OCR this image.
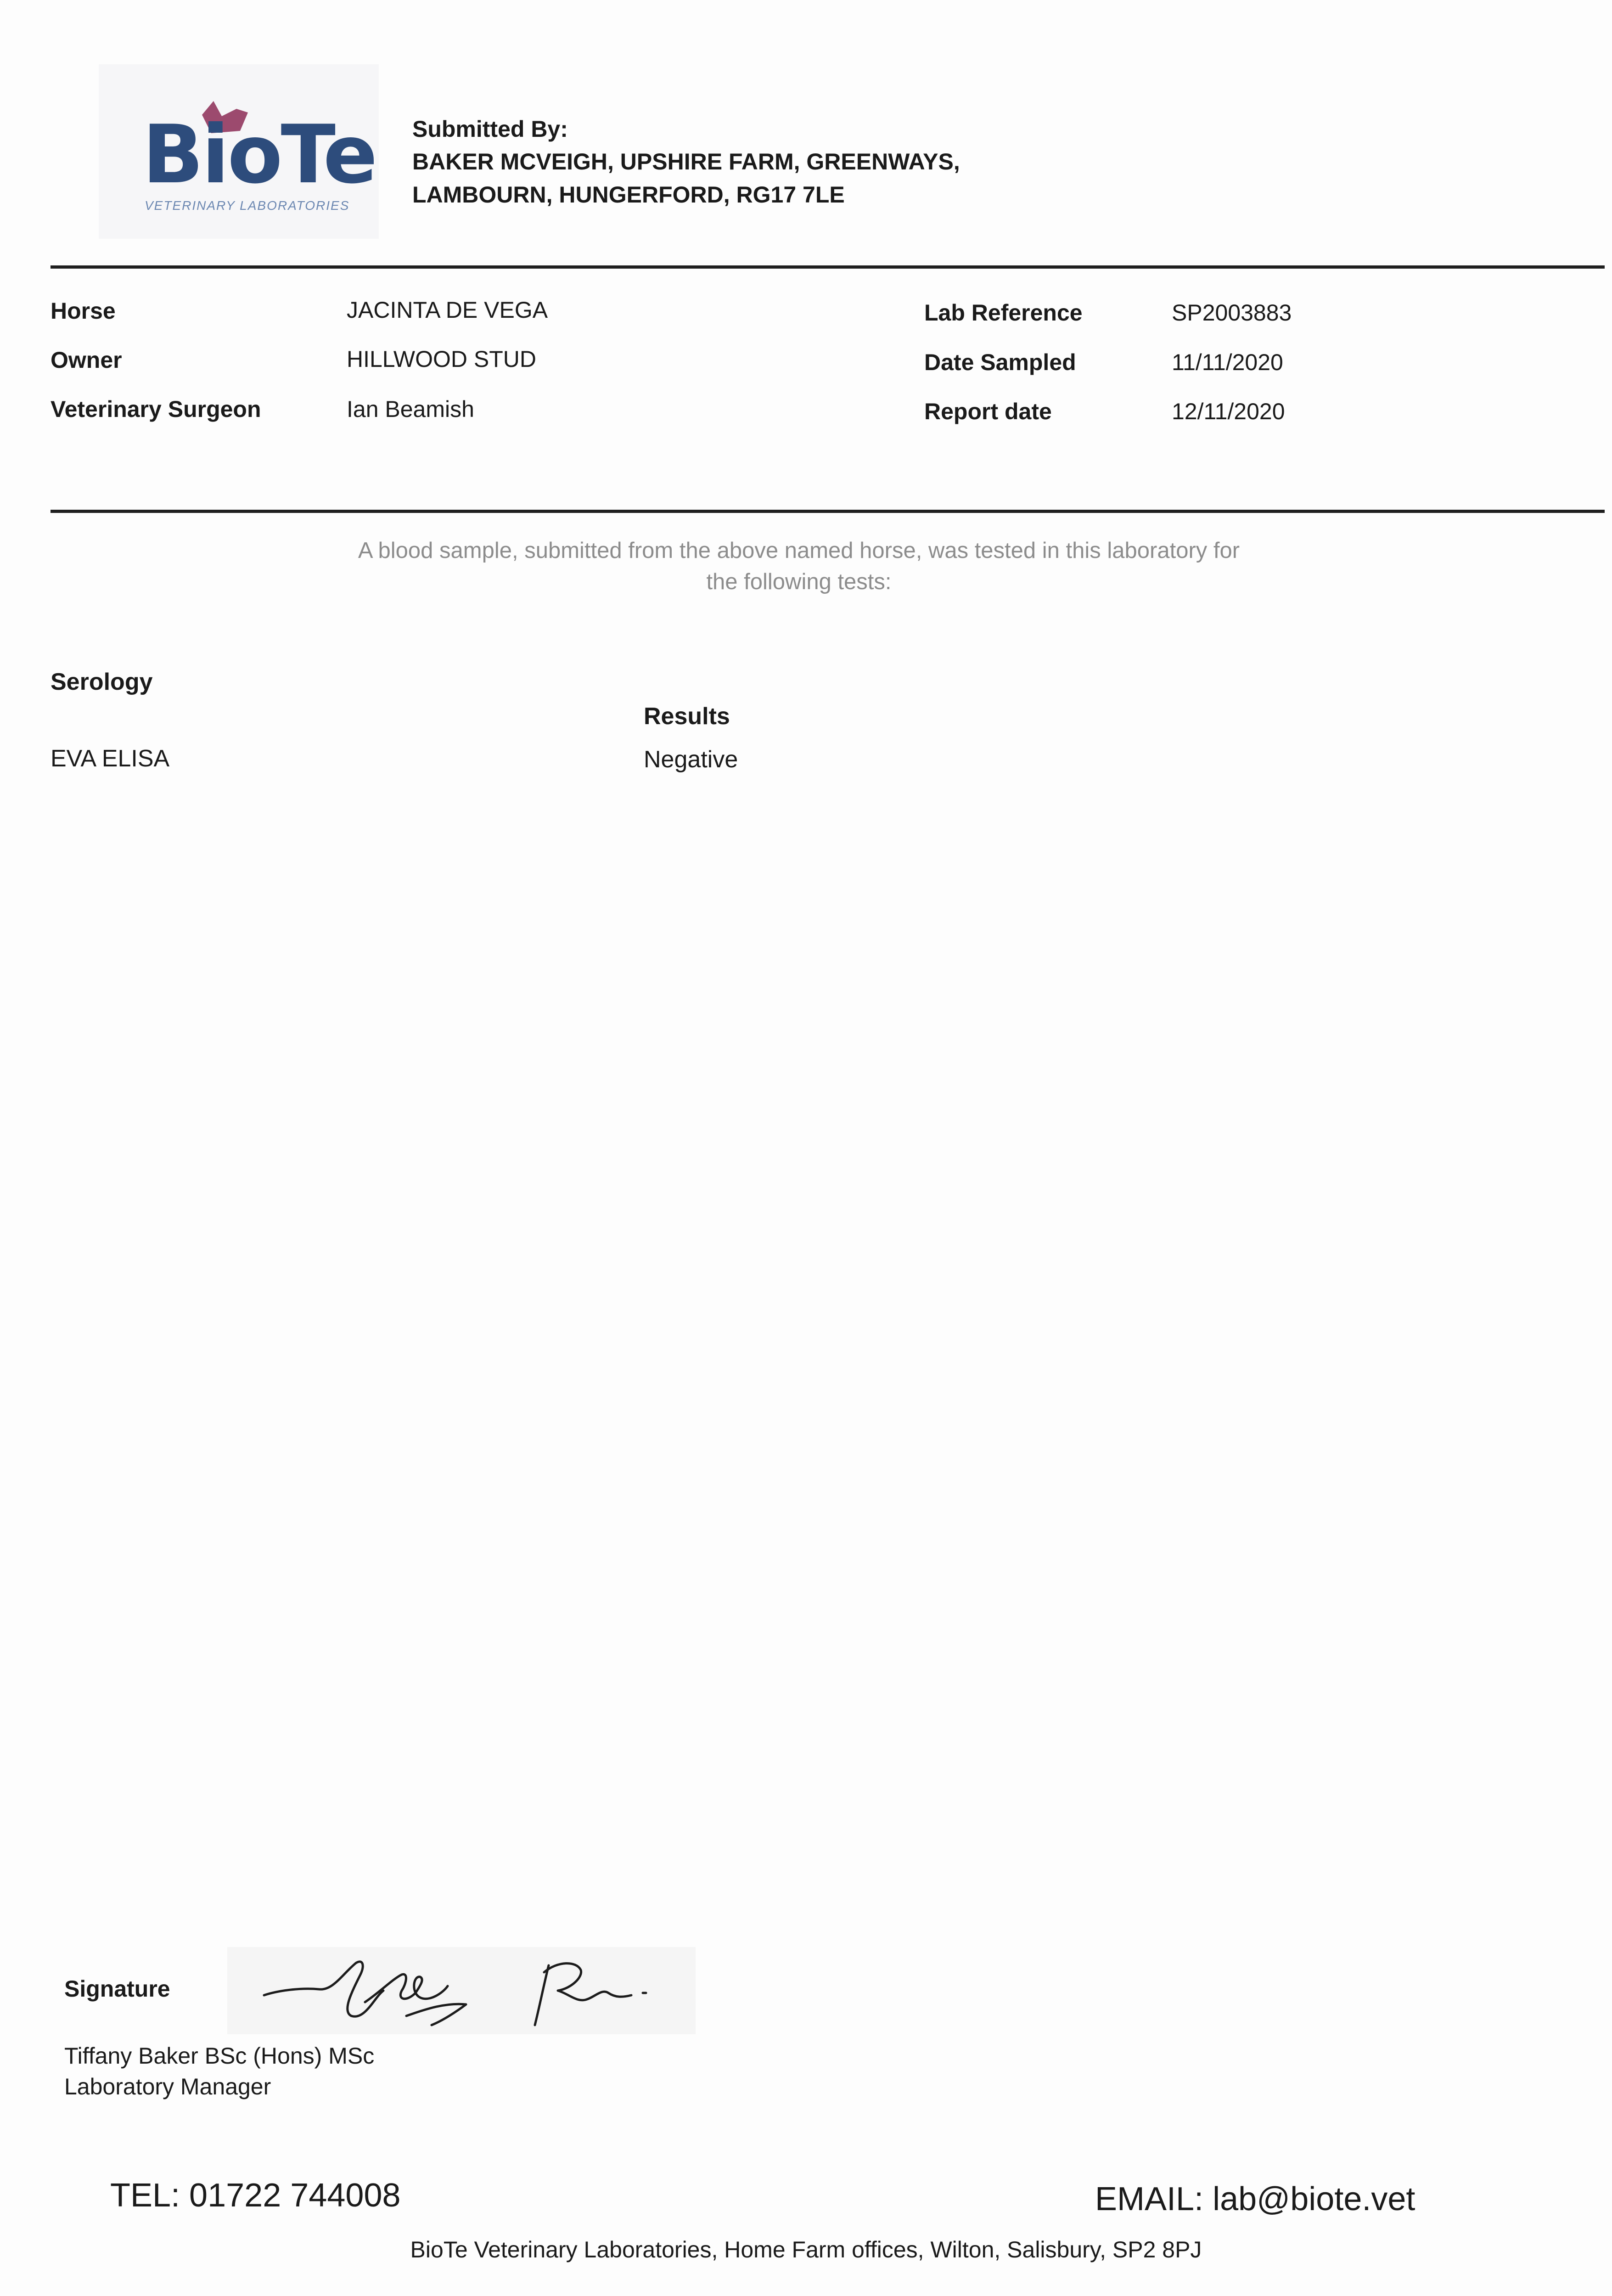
BioTe
VETERINARY LABORATORIES
Submitted By:
BAKER MCVEIGH, UPSHIRE FARM, GREENWAYS,
LAMBOURN, HUNGERFORD, RG17 7LE
Horse	JACINTA DE VEGA
Owner	HILLWOOD STUD
Veterinary Surgeon	Ian Beamish
Lab Reference	SP2003883
Date Sampled	11/11/2020
Report date	12/11/2020
A blood sample, submitted from the above named horse, was tested in this laboratory for
the following tests:
Serology
Results
EVA ELISA	Negative
Signature
Tiffany Baker BSc (Hons) MSc
Laboratory Manager
TEL: 01722 744008	EMAIL: lab@biote.vet
BioTe Veterinary Laboratories, Home Farm offices, Wilton, Salisbury, SP2 8PJ
